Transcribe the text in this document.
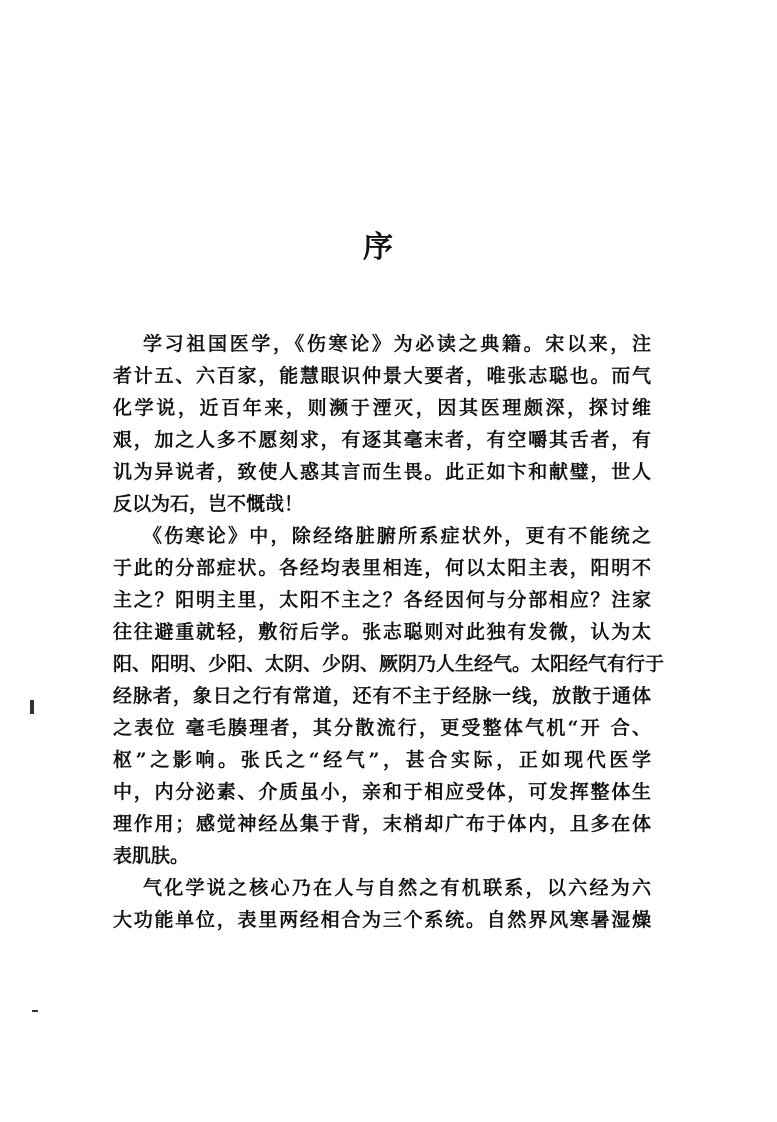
序
学习祖国医学，《伤寒论》为必读之典籍。宋以来，注
者计五、六百家，能慧眼识仲景大要者，唯张志聪也。而气
化学说，近百年来，则濒于湮灭，因其医理颇深，探讨维
艰，加之人多不愿刻求，有逐其毫末者，有空嚼其舌者，有
讥为异说者，致使人惑其言而生畏。此正如卞和献璧，世人
反以为石，岂不慨哉！
《伤寒论》中，除经络脏腑所系症状外，更有不能统之
于此的分部症状。各经均表里相连，何以太阳主表，阳明不
主之？阳明主里，太阳不主之？各经因何与分部相应？注家
往往避重就轻，敷衍后学。张志聪则对此独有发微，认为太
阳、阳明、少阳、太阴、少阴、厥阴乃人生经气。太阳经气有行于
经脉者，象日之行有常道，还有不主于经脉一线，放散于通体
之表位 毫毛腠理者，其分散流行，更受整体气机“开 合、
枢”之影响。张氏之“经气”，甚合实际，正如现代医学
中，内分泌素、介质虽小，亲和于相应受体，可发挥整体生
理作用；感觉神经丛集于背，末梢却广布于体内，且多在体
表肌肤。
气化学说之核心乃在人与自然之有机联系，以六经为六
大功能单位，表里两经相合为三个系统。自然界风寒暑湿燥
